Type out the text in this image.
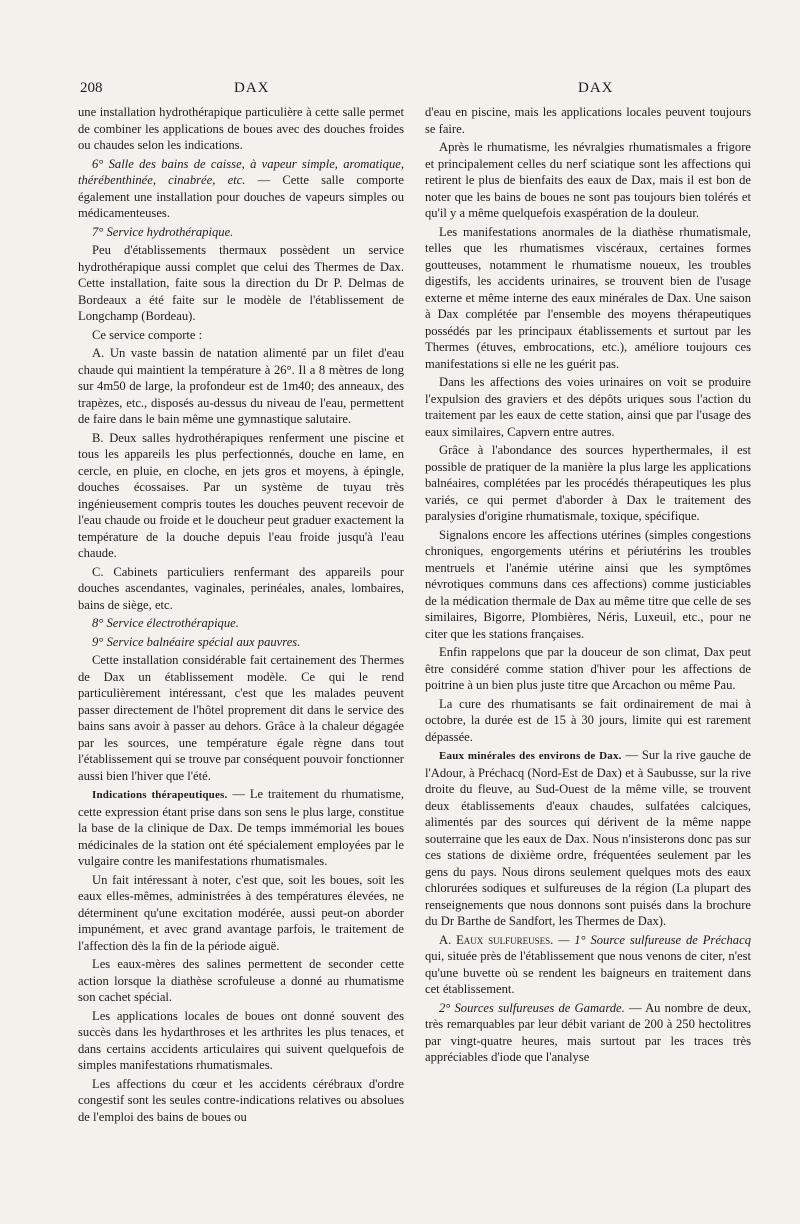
208	DAX	DAX

une installation hydrothérapique particulière à cette salle permet de combiner les applications de boues avec des douches froides ou chaudes selon les indications.

6° Salle des bains de caisse, à vapeur simple, aromatique, thérébenthinée, cinabrée, etc. — Cette salle comporte également une installation pour douches de vapeurs simples ou médicamenteuses.

7° Service hydrothérapique.

Peu d'établissements thermaux possèdent un service hydrothérapique aussi complet que celui des Thermes de Dax. Cette installation, faite sous la direction du Dr P. Delmas de Bordeaux a été faite sur le modèle de l'établissement de Longchamp (Bordeau).

Ce service comporte :

A. Un vaste bassin de natation alimenté par un filet d'eau chaude qui maintient la température à 26°. Il a 8 mètres de long sur 4m50 de large, la profondeur est de 1m40; des anneaux, des trapèzes, etc., disposés au-dessus du niveau de l'eau, permettent de faire dans le bain même une gymnastique salutaire.

B. Deux salles hydrothérapiques renferment une piscine et tous les appareils les plus perfectionnés, douche en lame, en cercle, en pluie, en cloche, en jets gros et moyens, à épingle, douches écossaises. Par un système de tuyau très ingénieusement compris toutes les douches peuvent recevoir de l'eau chaude ou froide et le doucheur peut graduer exactement la température de la douche depuis l'eau froide jusqu'à l'eau chaude.

C. Cabinets particuliers renfermant des appareils pour douches ascendantes, vaginales, perinéales, anales, lombaires, bains de siège, etc.

8° Service électrothérapique.

9° Service balnéaire spécial aux pauvres.

Cette installation considérable fait certainement des Thermes de Dax un établissement modèle. Ce qui le rend particulièrement intéressant, c'est que les malades peuvent passer directement de l'hôtel proprement dit dans le service des bains sans avoir à passer au dehors. Grâce à la chaleur dégagée par les sources, une température égale règne dans tout l'établissement qui se trouve par conséquent pouvoir fonctionner aussi bien l'hiver que l'été.

Indications thérapeutiques. — Le traitement du rhumatisme, cette expression étant prise dans son sens le plus large, constitue la base de la clinique de Dax. De temps immémorial les boues médicinales de la station ont été spécialement employées par le vulgaire contre les manifestations rhumatismales.

Un fait intéressant à noter, c'est que, soit les boues, soit les eaux elles-mêmes, administrées à des températures élevées, ne déterminent qu'une excitation modérée, aussi peut-on aborder impunément, et avec grand avantage parfois, le traitement de l'affection dès la fin de la période aiguë.

Les eaux-mères des salines permettent de seconder cette action lorsque la diathèse scrofuleuse a donné au rhumatisme son cachet spécial.

Les applications locales de boues ont donné souvent des succès dans les hydarthroses et les arthrites les plus tenaces, et dans certains accidents articulaires qui suivent quelquefois de simples manifestations rhumatismales.

Les affections du cœur et les accidents cérébraux d'ordre congestif sont les seules contre-indications relatives ou absolues de l'emploi des bains de boues ou

d'eau en piscine, mais les applications locales peuvent toujours se faire.

Après le rhumatisme, les névralgies rhumatismales a frigore et principalement celles du nerf sciatique sont les affections qui retirent le plus de bienfaits des eaux de Dax, mais il est bon de noter que les bains de boues ne sont pas toujours bien tolérés et qu'il y a même quelquefois exaspération de la douleur.

Les manifestations anormales de la diathèse rhumatismale, telles que les rhumatismes viscéraux, certaines formes goutteuses, notamment le rhumatisme noueux, les troubles digestifs, les accidents urinaires, se trouvent bien de l'usage externe et même interne des eaux minérales de Dax. Une saison à Dax complétée par l'ensemble des moyens thérapeutiques possédés par les principaux établissements et surtout par les Thermes (étuves, embrocations, etc.), améliore toujours ces manifestations si elle ne les guérit pas.

Dans les affections des voies urinaires on voit se produire l'expulsion des graviers et des dépôts uriques sous l'action du traitement par les eaux de cette station, ainsi que par l'usage des eaux similaires, Capvern entre autres.

Grâce à l'abondance des sources hyperthermales, il est possible de pratiquer de la manière la plus large les applications balnéaires, complétées par les procédés thérapeutiques les plus variés, ce qui permet d'aborder à Dax le traitement des paralysies d'origine rhumatismale, toxique, spécifique.

Signalons encore les affections utérines (simples congestions chroniques, engorgements utérins et périutérins les troubles mentruels et l'anémie utérine ainsi que les symptômes névrotiques communs dans ces affections) comme justiciables de la médication thermale de Dax au même titre que celle de ses similaires, Bigorre, Plombières, Néris, Luxeuil, etc., pour ne citer que les stations françaises.

Enfin rappelons que par la douceur de son climat, Dax peut être considéré comme station d'hiver pour les affections de poitrine à un bien plus juste titre que Arcachon ou même Pau.

La cure des rhumatisants se fait ordinairement de mai à octobre, la durée est de 15 à 30 jours, limite qui est rarement dépassée.

Eaux minérales des environs de Dax. — Sur la rive gauche de l'Adour, à Préchacq (Nord-Est de Dax) et à Saubusse, sur la rive droite du fleuve, au Sud-Ouest de la même ville, se trouvent deux établissements d'eaux chaudes, sulfatées calciques, alimentés par des sources qui dérivent de la même nappe souterraine que les eaux de Dax. Nous n'insisterons donc pas sur ces stations de dixième ordre, fréquentées seulement par les gens du pays. Nous dirons seulement quelques mots des eaux chlorurées sodiques et sulfureuses de la région (La plupart des renseignements que nous donnons sont puisés dans la brochure du Dr Barthe de Sandfort, les Thermes de Dax).

A. Eaux sulfureuses. — 1° Source sulfureuse de Préchacq qui, située près de l'établissement que nous venons de citer, n'est qu'une buvette où se rendent les baigneurs en traitement dans cet établissement.

2° Sources sulfureuses de Gamarde. — Au nombre de deux, très remarquables par leur débit variant de 200 à 250 hectolitres par vingt-quatre heures, mais surtout par les traces très appréciables d'iode que l'analyse
